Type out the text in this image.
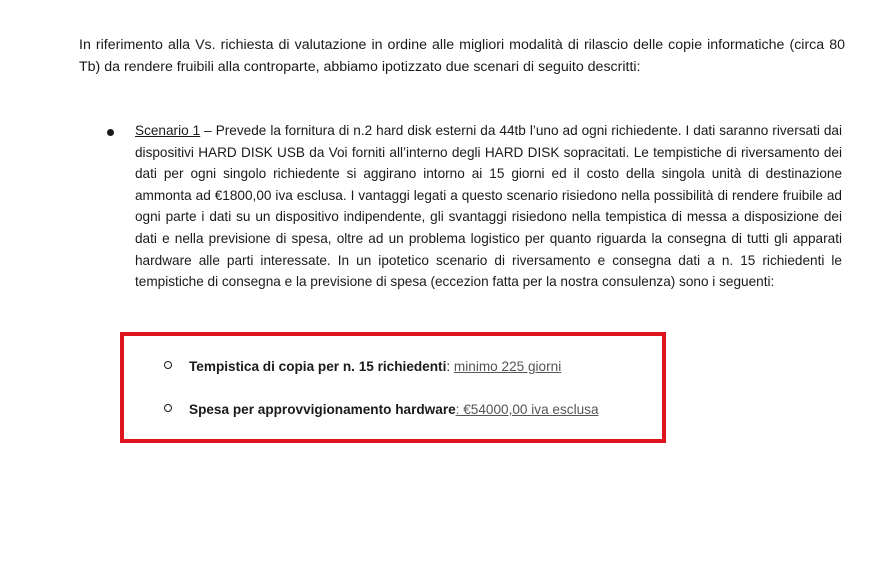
In riferimento alla Vs. richiesta di valutazione in ordine alle migliori modalità di rilascio delle copie informatiche (circa 80 Tb) da rendere fruibili alla controparte, abbiamo ipotizzato due scenari di seguito descritti:
Scenario 1 – Prevede la fornitura di n.2 hard disk esterni da 44tb l’uno ad ogni richiedente. I dati saranno riversati dai dispositivi HARD DISK USB da Voi forniti all’interno degli HARD DISK sopracitati. Le tempistiche di riversamento dei dati per ogni singolo richiedente si aggirano intorno ai 15 giorni ed il costo della singola unità di destinazione ammonta ad €1800,00 iva esclusa. I vantaggi legati a questo scenario risiedono nella possibilità di rendere fruibile ad ogni parte i dati su un dispositivo indipendente, gli svantaggi risiedono nella tempistica di messa a disposizione dei dati e nella previsione di spesa, oltre ad un problema logistico per quanto riguarda la consegna di tutti gli apparati hardware alle parti interessate. In un ipotetico scenario di riversamento e consegna dati a n. 15 richiedenti le tempistiche di consegna e la previsione di spesa (eccezion fatta per la nostra consulenza) sono i seguenti:
Tempistica di copia per n. 15 richiedenti: minimo 225 giorni
Spesa per approvvigionamento hardware: €54000,00 iva esclusa
